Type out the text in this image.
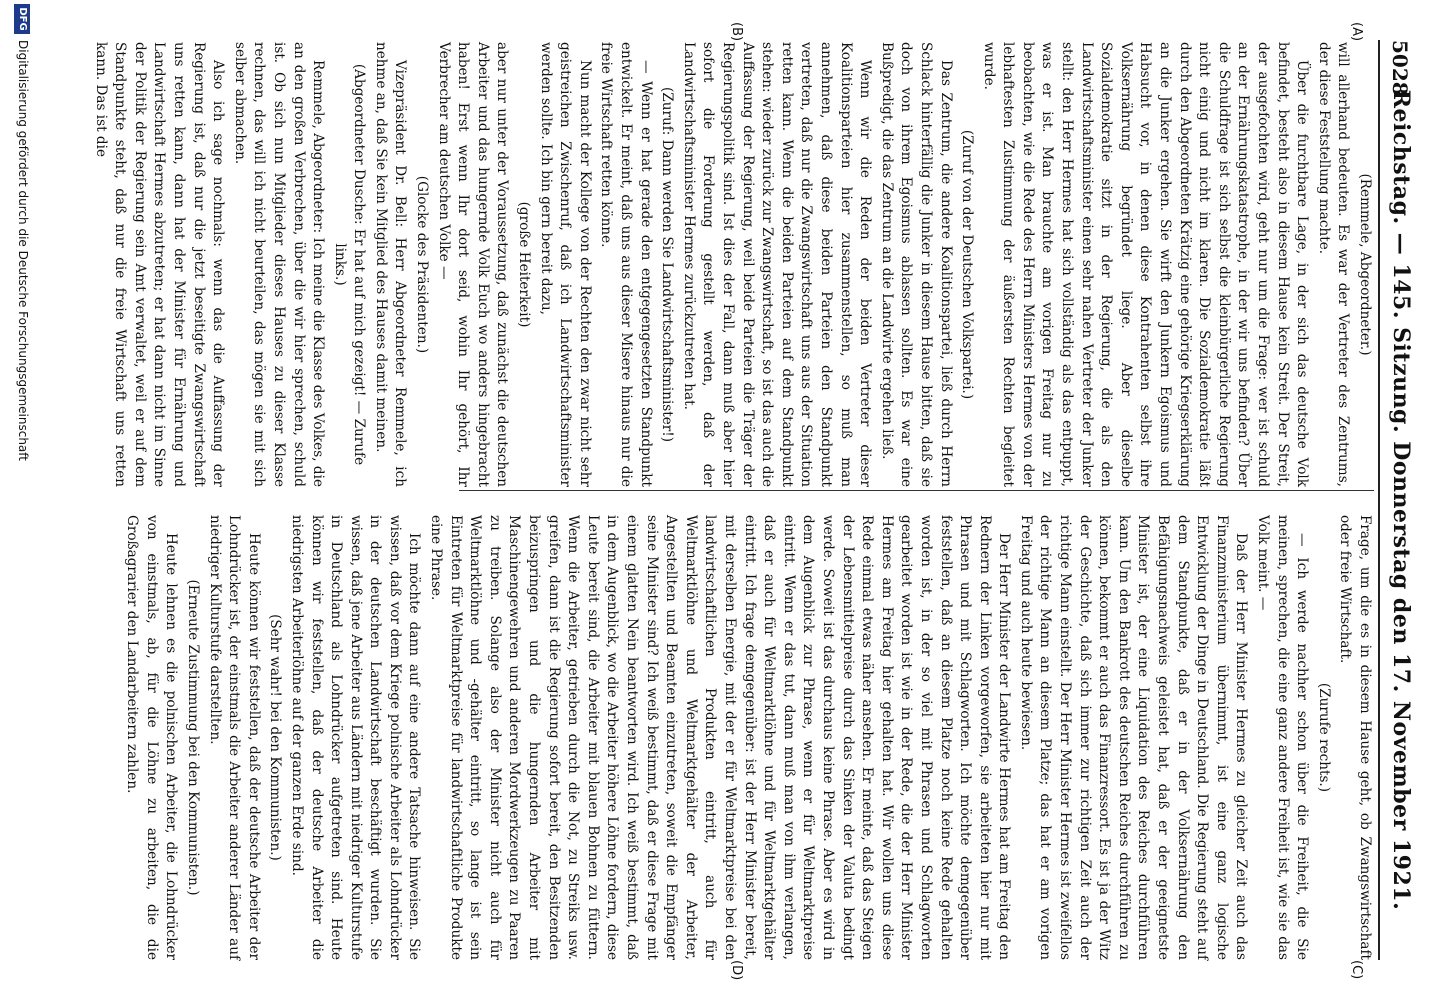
5028
Reichstag. — 145. Sitzung. Donnerstag den 17. November 1921.
(A)
(B)
(C)
(D)

(Remmele, Abgeordneter.)

will allerhand bedeuten. Es war der Vertreter des Zentrums, der diese Feststellung machte.

Über die furchtbare Lage, in der sich das deutsche Volk befindet, besteht also in diesem Hause kein Streit. Der Streit, der ausgefochten wird, geht nur um die Frage: wer ist schuld an der Ernährungskatastrophe, in der wir uns befinden? Über die Schuldfrage ist sich selbst die kleinbürgerliche Regierung nicht einig und nicht im klaren. Die Sozialdemokratie läßt durch den Abgeordneten Krätzig eine gehörige Kriegserklärung an die Junker ergehen. Sie wirft den Junkern Egoismus und Habsucht vor, in denen diese Kontrahenten selbst ihre Volksernährung begründet liege. Aber dieselbe Sozialdemokratie sitzt in der Regierung, die als den Landwirtschaftsminister einen sehr nahen Vertreter der Junker stellt: den Herr Hermes hat sich vollständig als das entpuppt, was er ist. Man brauchte am vorigen Freitag nur zu beobachten, wie die Rede des Herrn Ministers Hermes von der lebhaftesten Zustimmung der äußersten Rechten begleitet wurde.

(Zuruf von der Deutschen Volkspartei.)

Das Zentrum, die andere Koalitionspartei, ließ durch Herrn Schlack hinterfällig die Junker in diesem Hause bitten, daß sie doch von ihrem Egoismus ablassen sollten. Es war eine Bußpredigt, die das Zentrum an die Landwirte ergehen ließ.

Wenn wir die Reden der beiden Vertreter dieser Koalitionsparteien hier zusammenstellen, so muß man annehmen, daß diese beiden Parteien den Standpunkt vertreten, daß nur die Zwangswirtschaft uns aus der Situation retten kann. Wenn die beiden Parteien auf dem Standpunkt stehen: wieder zurück zur Zwangswirtschaft, so ist das auch die Auffassung der Regierung, weil beide Parteien die Träger der Regierungspolitik sind. Ist dies der Fall, dann muß aber hier sofort die Forderung gestellt werden, daß der Landwirtschaftsminister Hermes zurückzutreten hat.

(Zuruf: Dann werden Sie Landwirtschaftsminister!)

— Wenn er hat gerade den entgegengesetzten Standpunkt entwickelt. Er meint, daß uns aus dieser Misere hinaus nur die freie Wirtschaft retten könne.

Nun macht der Kollege von der Rechten den zwar nicht sehr geistreichen Zwischenruf, daß ich Landwirtschaftsminister werden sollte. Ich bin gern bereit dazu,

(große Heiterkeit)

aber nur unter der Voraussetzung, daß zunächst die deutschen Arbeiter und das hungernde Volk Euch wo anders hingebracht haben! Erst wenn Ihr dort seid, wohin Ihr gehört, Ihr Verbrecher am deutschen Volke —

(Glocke des Präsidenten.)

Vizepräsident Dr. Bell: Herr Abgeordneter Remmele, ich nehme an, daß Sie kein Mitglied des Hauses damit meinen.

(Abgeordneter Dusche: Er hat auf mich gezeigt! — Zurufe links.)

Remmele, Abgeordneter: Ich meine die Klasse des Volkes, die an den großen Verbrechen, über die wir hier sprechen, schuld ist. Ob sich nun Mitglieder dieses Hauses zu dieser Klasse rechnen, das will ich nicht beurteilen, das mögen sie mit sich selber abmachen.

Also ich sage nochmals: wenn das die Auffassung der Regierung ist, daß nur die jetzt beseitigte Zwangswirtschaft uns retten kann, dann hat der Minister für Ernährung und Landwirtschaft Hermes abzutreten; er hat dann nicht im Sinne der Politik der Regierung sein Amt verwaltet, weil er auf dem Standpunkte steht, daß nur die freie Wirtschaft uns retten kann. Das ist die

Frage, um die es in diesem Hause geht, ob Zwangswirtschaft oder freie Wirtschaft.

(Zurufe rechts.)

— Ich werde nachher schon über die Freiheit, die Sie meinen, sprechen, die eine ganz andere Freiheit ist, wie sie das Volk meint. —

Daß der Herr Minister Hermes zu gleicher Zeit auch das Finanzministerium übernimmt, ist eine ganz logische Entwicklung der Dinge in Deutschland. Die Regierung steht auf dem Standpunkte, daß er in der Volksernährung den Befähigungsnachweis geleistet hat, daß er der geeignetste Minister ist, der eine Liquidation des Reiches durchführen kann. Um den Bankrott des deutschen Reiches durchführen zu können, bekommt er auch das Finanzressort. Es ist ja der Witz der Geschichte, daß sich immer zur richtigen Zeit auch der richtige Mann einstellt. Der Herr Minister Hermes ist zweifellos der richtige Mann an diesem Platze; das hat er am vorigen Freitag und auch heute bewiesen.

Der Herr Minister der Landwirte Hermes hat am Freitag den Rednern der Linken vorgeworfen, sie arbeiteten hier nur mit Phrasen und mit Schlagworten. Ich möchte demgegenüber feststellen, daß an diesem Platze noch keine Rede gehalten worden ist, in der so viel mit Phrasen und Schlagworten gearbeitet worden ist wie in der Rede, die der Herr Minister Hermes am Freitag hier gehalten hat. Wir wollen uns diese Rede einmal etwas näher ansehen. Er meinte, daß das Steigen der Lebensmittelpreise durch das Sinken der Valuta bedingt werde. Soweit ist das durchaus keine Phrase. Aber es wird in dem Augenblick zur Phrase, wenn er für Weltmarktpreise eintritt. Wenn er das tut, dann muß man von ihm verlangen, daß er auch für Weltmarktlöhne und für Weltmarktgehälter eintritt. Ich frage demgegenüber: ist der Herr Minister bereit, mit derselben Energie, mit der er für Weltmarktpreise bei den landwirtschaftlichen Produkten eintritt, auch für Weltmarktlöhne und Weltmarktgehälter der Arbeiter, Angestellten und Beamten einzutreten, soweit die Empfänger seine Minister sind? Ich weiß bestimmt, daß er diese Frage mit einem glatten Nein beantworten wird. Ich weiß bestimmt, daß in dem Augenblick, wo die Arbeiter höhere Löhne fordern, diese Leute bereit sind, die Arbeiter mit blauen Bohnen zu füttern. Wenn die Arbeiter, getrieben durch die Not, zu Streiks usw. greifen, dann ist die Regierung sofort bereit, den Besitzenden beizuspringen und die hungernden Arbeiter mit Maschinengewehren und anderen Mordwerkzeugen zu Paaren zu treiben. Solange also der Minister nicht auch für Weltmarktlöhne und -gehälter eintritt, so lange ist sein Eintreten für Weltmarktpreise für landwirtschaftliche Produkte eine Phrase.

Ich möchte dann auf eine andere Tatsache hinweisen. Sie wissen, daß vor dem Kriege polnische Arbeiter als Lohndrücker in der deutschen Landwirtschaft beschäftigt wurden. Sie wissen, daß jene Arbeiter aus Ländern mit niedriger Kulturstufe in Deutschland als Lohndrücker aufgetreten sind. Heute können wir feststellen, daß der deutsche Arbeiter die niedrigsten Arbeiterlöhne auf der ganzen Erde sind.

(Sehr wahr! bei den Kommunisten.)

Heute können wir feststellen, daß der deutsche Arbeiter der Lohndrücker ist, der einstmals die Arbeiter anderer Länder auf niedriger Kulturstufe darstellten.

(Erneute Zustimmung bei den Kommunisten.)

Heute lehnen es die polnischen Arbeiter, die Lohndrücker von einstmals, ab, für die Löhne zu arbeiten, die die Großagrarier den Landarbeitern zahlen.

DFG
Digitalisierung gefördert durch die Deutsche Forschungsgemeinschaft
